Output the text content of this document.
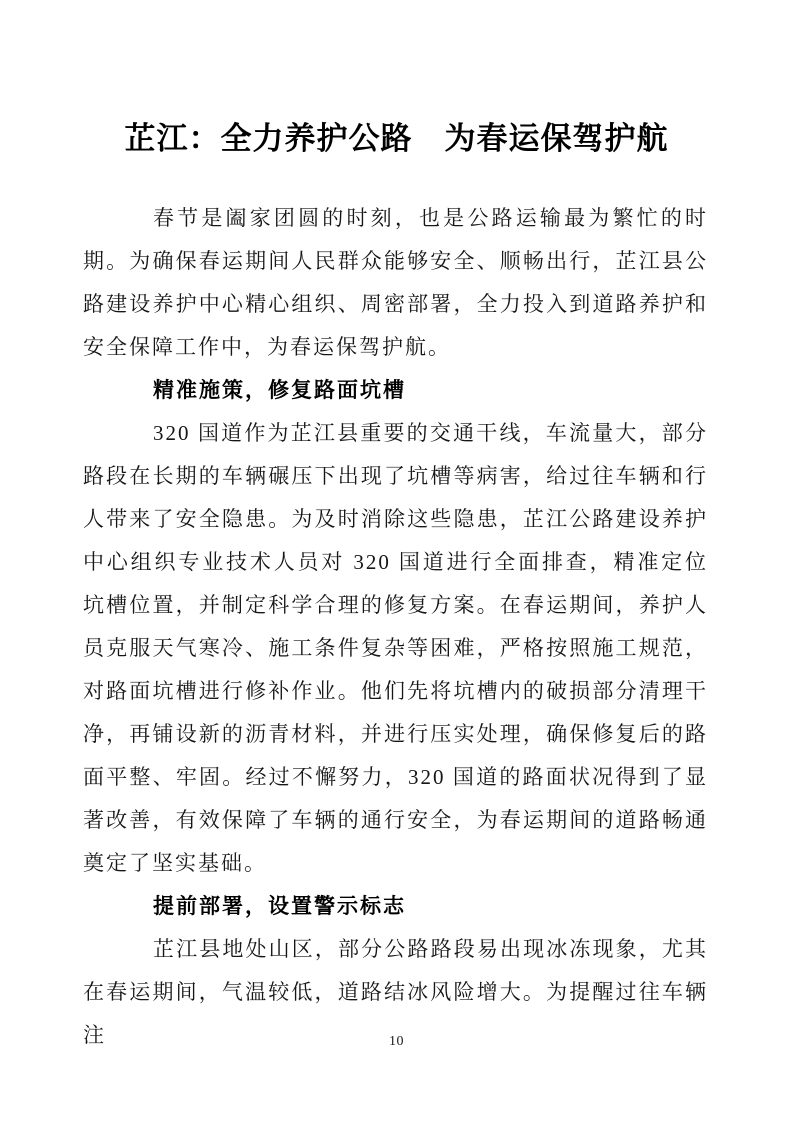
芷江：全力养护公路　为春运保驾护航

春节是阖家团圆的时刻，也是公路运输最为繁忙的时期。为确保春运期间人民群众能够安全、顺畅出行，芷江县公路建设养护中心精心组织、周密部署，全力投入到道路养护和安全保障工作中，为春运保驾护航。

精准施策，修复路面坑槽

320 国道作为芷江县重要的交通干线，车流量大，部分路段在长期的车辆碾压下出现了坑槽等病害，给过往车辆和行人带来了安全隐患。为及时消除这些隐患，芷江公路建设养护中心组织专业技术人员对 320 国道进行全面排查，精准定位坑槽位置，并制定科学合理的修复方案。在春运期间，养护人员克服天气寒冷、施工条件复杂等困难，严格按照施工规范，对路面坑槽进行修补作业。他们先将坑槽内的破损部分清理干净，再铺设新的沥青材料，并进行压实处理，确保修复后的路面平整、牢固。经过不懈努力，320 国道的路面状况得到了显著改善，有效保障了车辆的通行安全，为春运期间的道路畅通奠定了坚实基础。

提前部署，设置警示标志

芷江县地处山区，部分公路路段易出现冰冻现象，尤其在春运期间，气温较低，道路结冰风险增大。为提醒过往车辆注	10
